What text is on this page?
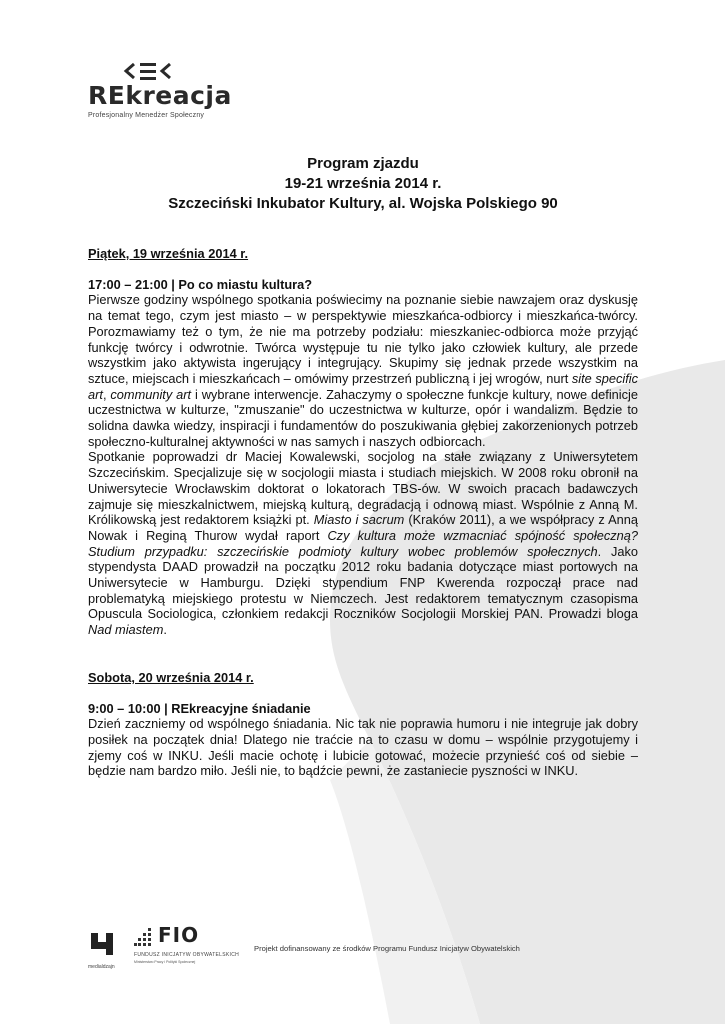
REkreacja
Profesjonalny Menedżer Społeczny
Program zjazdu
19-21 września 2014 r.
Szczeciński Inkubator Kultury, al. Wojska Polskiego 90

Piątek, 19 września 2014 r.

17:00 – 21:00 | Po co miastu kultura?

Pierwsze godziny wspólnego spotkania poświecimy na poznanie siebie nawzajem oraz dyskusję na temat tego, czym jest miasto – w perspektywie mieszkańca-odbiorcy i mieszkańca-twórcy. Porozmawiamy też o tym, że nie ma potrzeby podziału: mieszkaniec-odbiorca może przyjąć funkcję twórcy i odwrotnie. Twórca występuje tu nie tylko jako człowiek kultury, ale przede wszystkim jako aktywista ingerujący i integrujący. Skupimy się jednak przede wszystkim na sztuce, miejscach i mieszkańcach – omówimy przestrzeń publiczną i jej wrogów, nurt site specific art, community art i wybrane interwencje. Zahaczymy o społeczne funkcje kultury, nowe definicje uczestnictwa w kulturze, "zmuszanie" do uczestnictwa w kulturze, opór i wandalizm. Będzie to solidna dawka wiedzy, inspiracji i fundamentów do poszukiwania głębiej zakorzenionych potrzeb społeczno-kulturalnej aktywności w nas samych i naszych odbiorcach.

Spotkanie poprowadzi dr Maciej Kowalewski, socjolog na stałe związany z Uniwersytetem Szczecińskim. Specjalizuje się w socjologii miasta i studiach miejskich. W 2008 roku obronił na Uniwersytecie Wrocławskim doktorat o lokatorach TBS-ów. W swoich pracach badawczych zajmuje się mieszkalnictwem, miejską kulturą, degradacją i odnową miast. Wspólnie z Anną M. Królikowską jest redaktorem książki pt. Miasto i sacrum (Kraków 2011), a we współpracy z Anną Nowak i Reginą Thurow wydał raport Czy kultura może wzmacniać spójność społeczną? Studium przypadku: szczecińskie podmioty kultury wobec problemów społecznych. Jako stypendysta DAAD prowadził na początku 2012 roku badania dotyczące miast portowych na Uniwersytecie w Hamburgu. Dzięki stypendium FNP Kwerenda rozpoczął prace nad problematyką miejskiego protestu w Niemczech. Jest redaktorem tematycznym czasopisma Opuscula Sociologica, członkiem redakcji Roczników Socjologii Morskiej PAN. Prowadzi bloga Nad miastem.

Sobota, 20 września 2014 r.

9:00 – 10:00 | REkreacyjne śniadanie

Dzień zaczniemy od wspólnego śniadania. Nic tak nie poprawia humoru i nie integruje jak dobry posiłek na początek dnia! Dlatego nie traćcie na to czasu w domu – wspólnie przygotujemy i zjemy coś w INKU. Jeśli macie ochotę i lubicie gotować, możecie przynieść coś od siebie – będzie nam bardzo miło. Jeśli nie, to bądźcie pewni, że zastaniecie pyszności w INKU.

medialdzajn
FIO
FUNDUSZ INICJATYW OBYWATELSKICH
Ministerstwo Pracy i Polityki Społecznej
Projekt dofinansowany ze środków Programu Fundusz Inicjatyw Obywatelskich
